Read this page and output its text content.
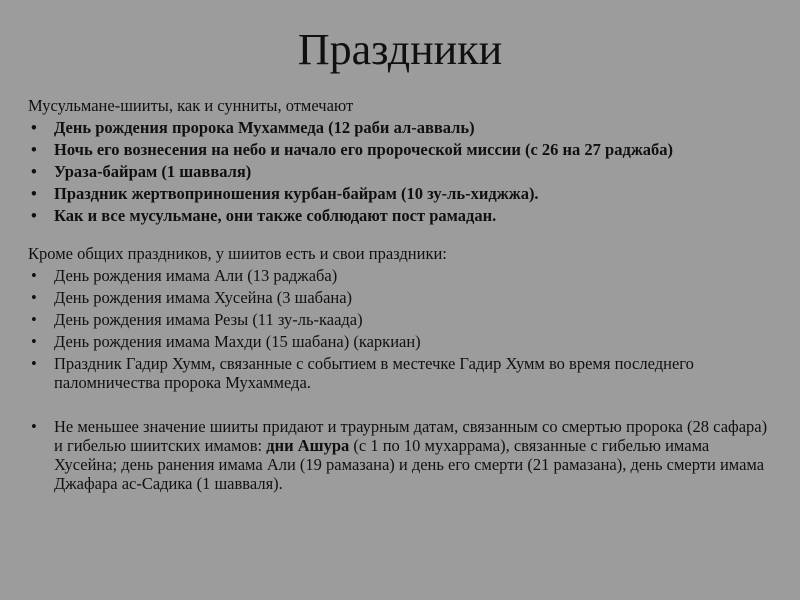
Праздники

Мусульмане-шииты, как и сунниты, отмечают

• День рождения пророка Мухаммеда (12 раби ал-авваль)
• Ночь его вознесения на небо и начало его пророческой миссии (с 26 на 27 раджаба)
• Ураза-байрам (1 шавваля)
• Праздник жертвоприношения курбан-байрам (10 зу-ль-хиджжа).
• Как и все мусульмане, они также соблюдают пост рамадан.

Кроме общих праздников, у шиитов есть и свои праздники:

• День рождения имама Али (13 раджаба)
• День рождения имама Хусейна (3 шабана)
• День рождения имама Резы (11 зу-ль-каада)
• День рождения имама Махди (15 шабана) (каркиан)
• Праздник Гадир Хумм, связанные с событием в местечке Гадир Хумм во время последнего паломничества пророка Мухаммеда.
• Не меньшее значение шииты придают и траурным датам, связанным со смертью пророка (28 сафара) и гибелью шиитских имамов: дни Ашура (с 1 по 10 мухаррама), связанные с гибелью имама Хусейна; день ранения имама Али (19 рамазана) и день его смерти (21 рамазана), день смерти имама Джафара ас-Садика (1 шавваля).
